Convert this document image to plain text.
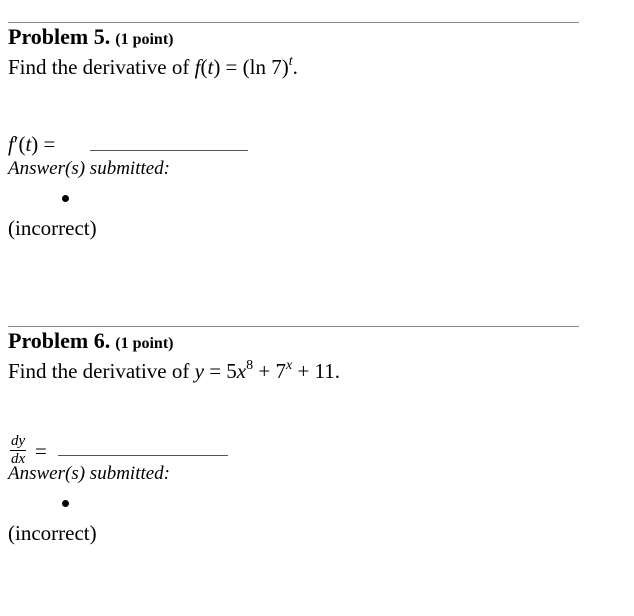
Problem 5. (1 point)
Find the derivative of f(t) = (ln 7)$^t$.
f′(t) =
Answer(s) submitted:
(incorrect)
Problem 6. (1 point)
Find the derivative of $y = 5x^8 + 7^x + 11$.
$\frac{dy}{dx}$ =
Answer(s) submitted:
(incorrect)
